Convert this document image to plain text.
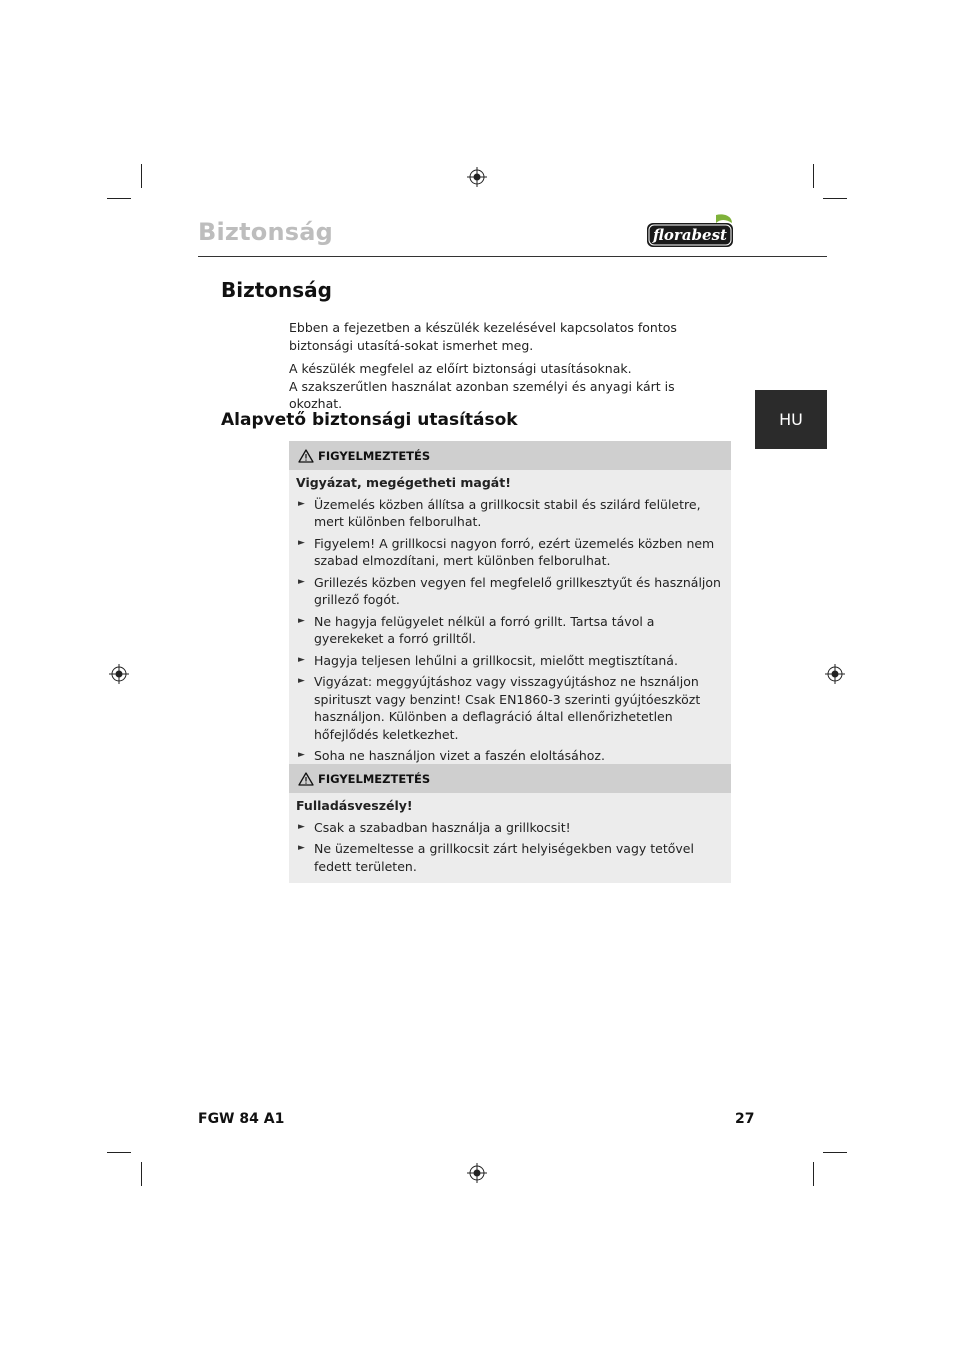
Biztonság	florabest
HU
Biztonság

Ebben a fejezetben a készülék kezelésével kapcsolatos fontos biztonsági utasítá-sokat ismerhet meg.

A készülék megfelel az előírt biztonsági utasításoknak.
A szakszerűtlen használat azonban személyi és anyagi kárt is okozhat.

Alapvető biztonsági utasítások
FIGYELMEZTETÉS
Vigyázat, megégetheti magát!
► Üzemelés közben állítsa a grillkocsit stabil és szilárd felületre, mert különben felborulhat.
► Figyelem! A grillkocsi nagyon forró, ezért üzemelés közben nem szabad elmozdítani, mert különben felborulhat.
► Grillezés közben vegyen fel megfelelő grillkesztyűt és használjon grillező fogót.
► Ne hagyja felügyelet nélkül a forró grillt. Tartsa távol a gyerekeket a forró grilltől.
► Hagyja teljesen lehűlni a grillkocsit, mielőtt megtisztítaná.
► Vigyázat: meggyújtáshoz vagy visszagyújtáshoz ne hsználjon spirituszt vagy benzint! Csak EN1860-3 szerinti gyújtóeszközt használjon. Különben a deflagráció által ellenőrizhetetlen hőfejlődés keletkezhet.
► Soha ne használjon vizet a faszén eloltásához.
FIGYELMEZTETÉS
Fulladásveszély!
► Csak a szabadban használja a grillkocsit!
► Ne üzemeltesse a grillkocsit zárt helyiségekben vagy tetővel fedett területen.
FGW 84 A1	27
